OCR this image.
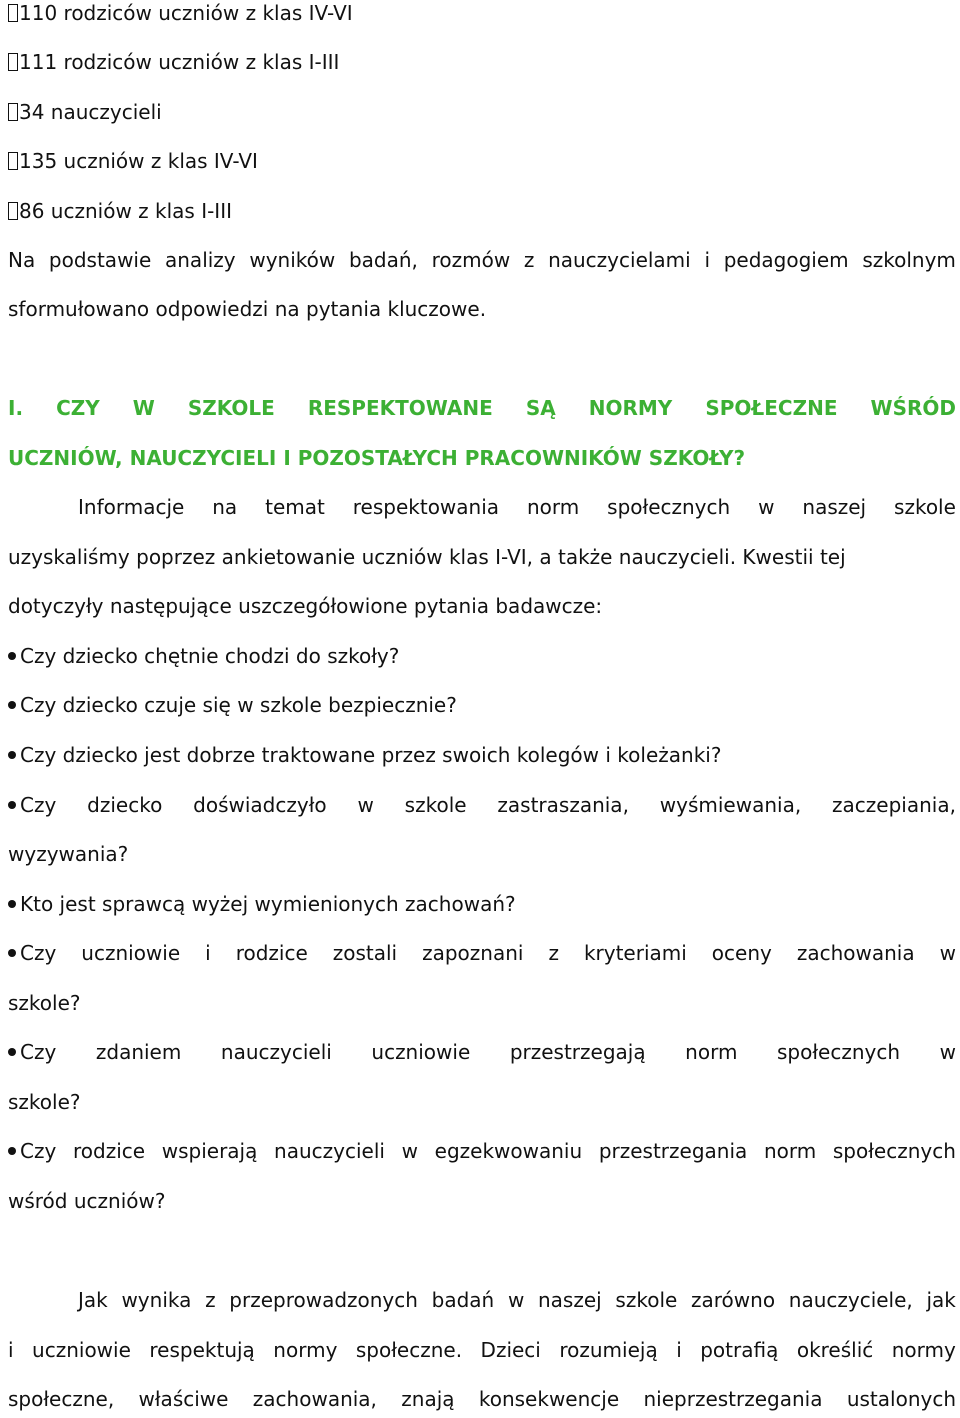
110 rodziców uczniów z klas IV-VI
111 rodziców uczniów z klas I-III
34 nauczycieli
135 uczniów z klas IV-VI
86 uczniów z klas I-III
Na podstawie analizy wyników badań, rozmów z nauczycielami i pedagogiem szkolnym
sformułowano odpowiedzi na pytania kluczowe.
I. CZY W SZKOLE RESPEKTOWANE SĄ NORMY SPOŁECZNE WŚRÓD
UCZNIÓW, NAUCZYCIELI I POZOSTAŁYCH PRACOWNIKÓW SZKOŁY?
Informacje na temat respektowania norm społecznych w naszej szkole
uzyskaliśmy poprzez ankietowanie uczniów klas I-VI, a także nauczycieli. Kwestii tej
dotyczyły następujące uszczegółowione pytania badawcze:
Czy dziecko chętnie chodzi do szkoły?
Czy dziecko czuje się w szkole bezpiecznie?
Czy dziecko jest dobrze traktowane przez swoich kolegów i koleżanki?
Czy dziecko doświadczyło w szkole zastraszania, wyśmiewania, zaczepiania,
wyzywania?
Kto jest sprawcą wyżej wymienionych zachowań?
Czy uczniowie i rodzice zostali zapoznani z kryteriami oceny zachowania w
szkole?
Czy zdaniem nauczycieli uczniowie przestrzegają norm społecznych w
szkole?
Czy rodzice wspierają nauczycieli w egzekwowaniu przestrzegania norm społecznych
wśród uczniów?
Jak wynika z przeprowadzonych badań w naszej szkole zarówno nauczyciele, jak
i uczniowie respektują normy społeczne. Dzieci rozumieją i potrafią określić normy
społeczne, właściwe zachowania, znają konsekwencje nieprzestrzegania ustalonych
